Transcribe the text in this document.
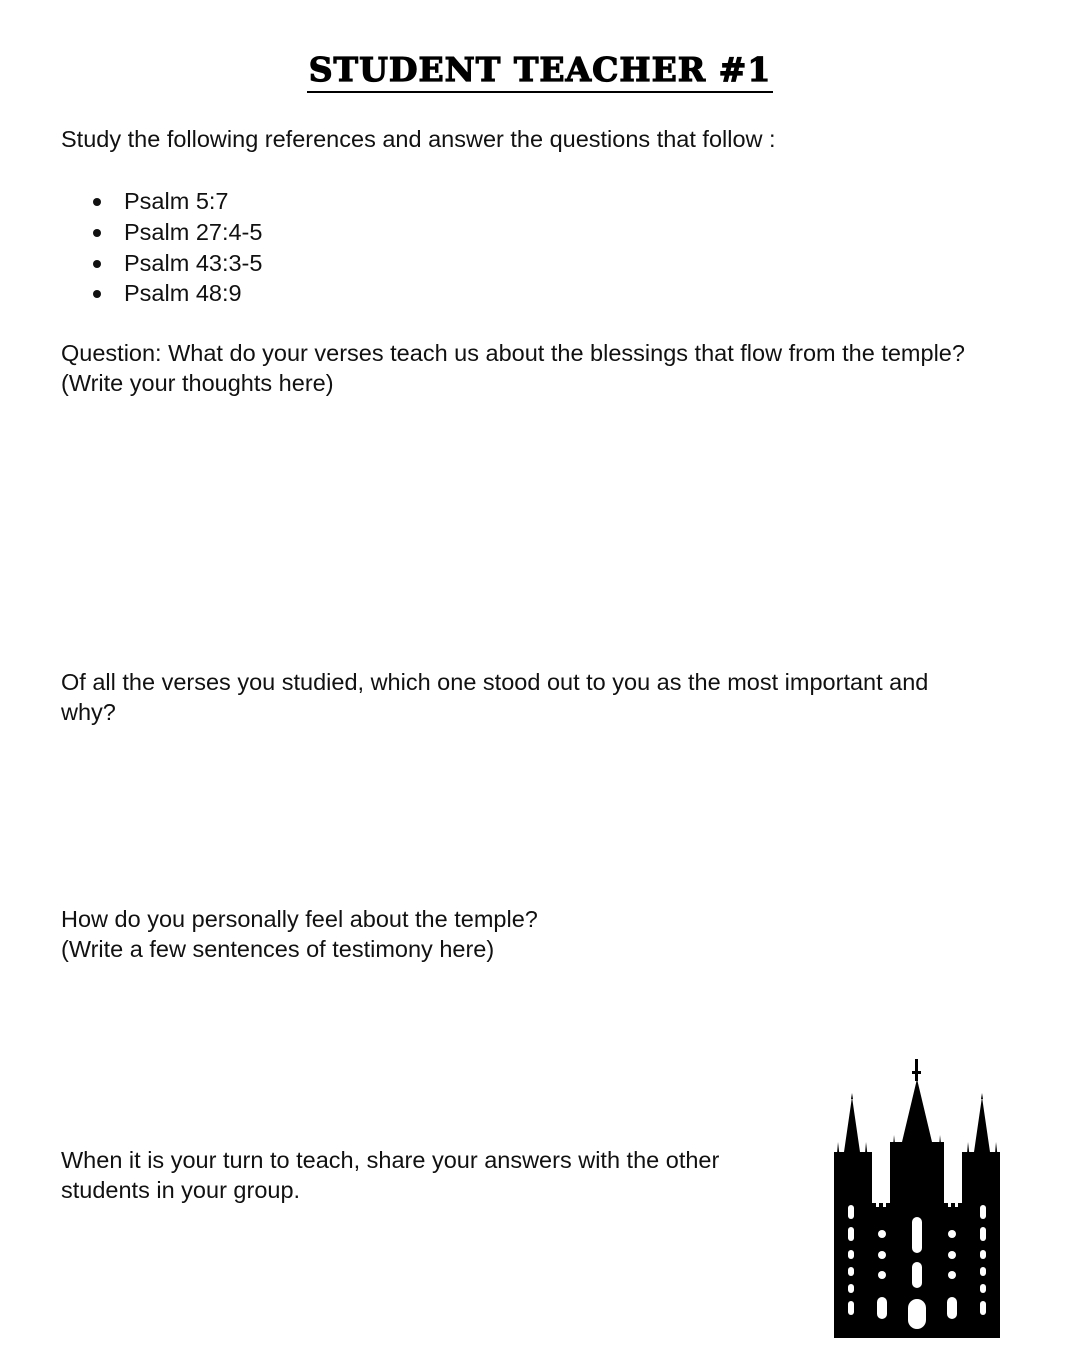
STUDENT TEACHER #1
Study the following references and answer the questions that follow :
Psalm 5:7
Psalm 27:4-5
Psalm 43:3-5
Psalm 48:9
Question: What do your verses teach us about the blessings that flow from the temple?
(Write your thoughts here)
Of all the verses you studied, which one stood out to you as the most important and
why?
How do you personally feel about the temple?
(Write a few sentences of testimony here)
When it is your turn to teach, share your answers with the other
students in your group.
